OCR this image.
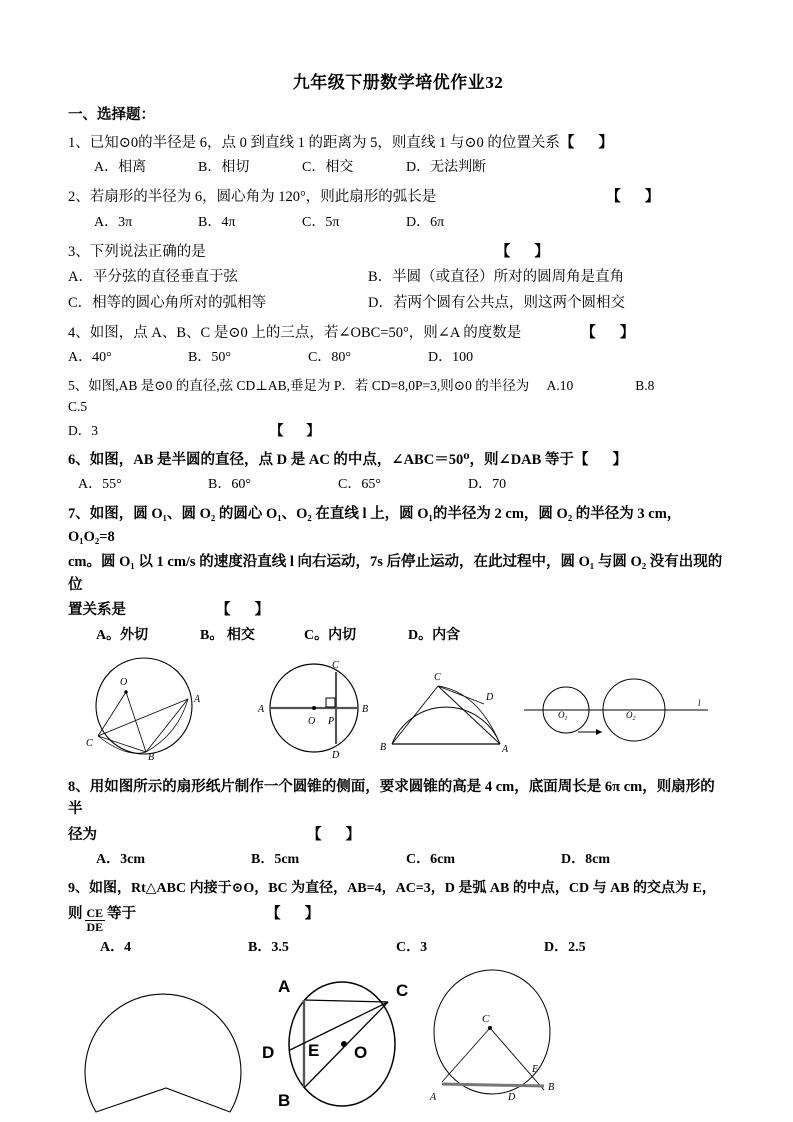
九年级下册数学培优作业32
一、选择题：
1、已知⊙0的半径是 6，点 0 到直线 1 的距离为 5，则直线 1 与⊙0 的位置关系【     】
A．相离	B．相切	C．相交	D．无法判断
2、若扇形的半径为 6，圆心角为 120°，则此扇形的弧长是	【     】
A．3π	B．4π	C．5π	D．6π
3、下列说法正确的是	【     】
A．平分弦的直径垂直于弦	B．半圆（或直径）所对的圆周角是直角
C．相等的圆心角所对的弧相等	D．若两个圆有公共点，则这两个圆相交
4、如图，点 A、B、C 是⊙0 上的三点，若∠OBC=50°，则∠A 的度数是	【     】
A．40°	B．50°	C．80°	D．100
5、如图,AB 是⊙0 的直径,弦 CD⊥AB,垂足为 P．若 CD=8,0P=3,则⊙0 的半径为 A.10	B.8C.5
D．3	【     】
6、如图，AB 是半圆的直径，点 D 是 AC 的中点，∠ABC＝50⁰，则∠DAB 等于【     】
A．55°	B．60°	C．65°	D．70
7、如图，圆 O₁、圆 O₂ 的圆心 O₁、O₂ 在直线 l 上，圆 O₁的半径为 2 cm，圆 O₂ 的半径为 3 cm，O₁O₂=8
cm。圆 O₁ 以 1 cm/s 的速度沿直线 l 向右运动，7s 后停止运动，在此过程中，圆 O₁ 与圆 O₂ 没有出现的位
置关系是	【     】
A。外切	B。 相交	C。内切	D。内含
O
A
C
B
A	B
C
D
O P
C
D
B	A
$O_1$	$O_2$
l
8、用如图所示的扇形纸片制作一个圆锥的侧面，要求圆锥的高是 4 cm，底面周长是 6π cm，则扇形的半
径为	【     】
A．3cm	B．5cm	C．6cm	D．8cm
9、如图，Rt△ABC 内接于⊙O，BC 为直径，AB=4，AC=3，D 是弧 AB 的中点，CD 与 AB 的交点为 E，
则 $\frac{CE}{DE}$ 等于	【     】
A．4	B．3.5	C．3	D．2.5
A	C
B
D E O
C
A
B
D
E
